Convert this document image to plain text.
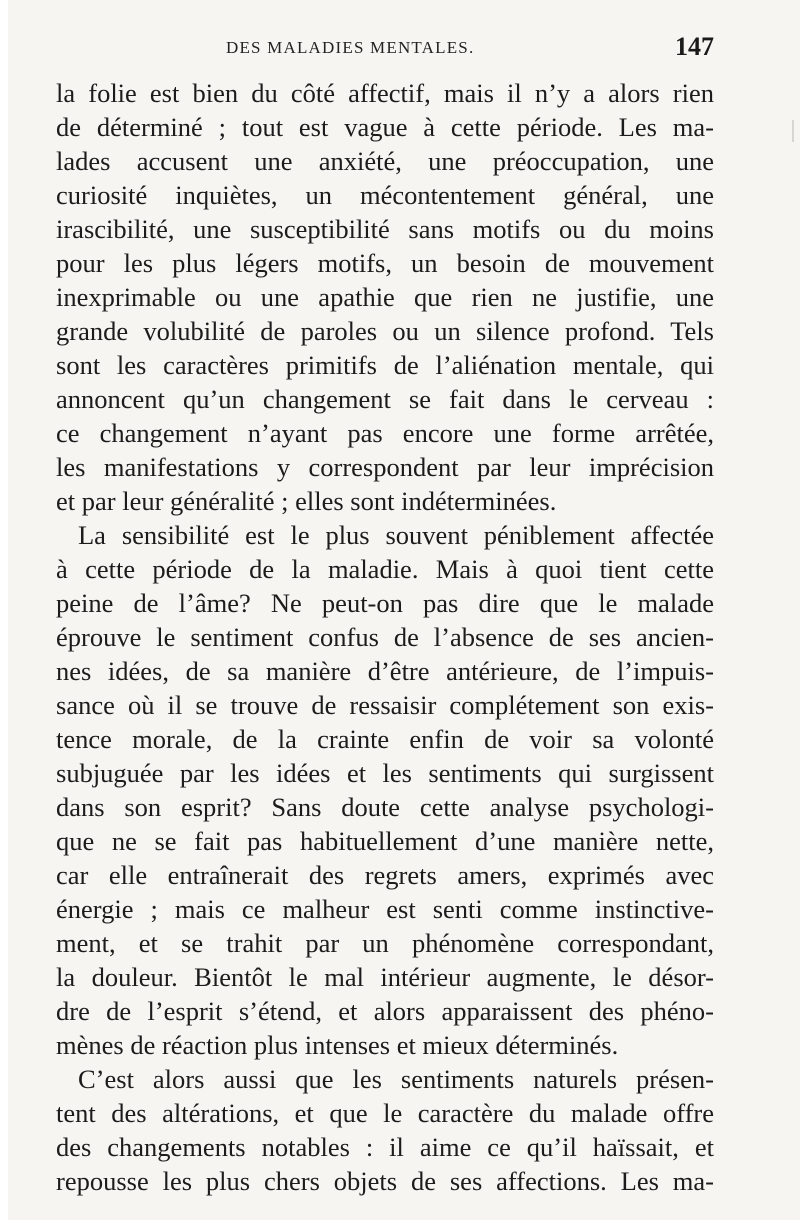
DES MALADIES MENTALES.	147
la folie est bien du côté affectif, mais il n’y a alors rien
de déterminé ; tout est vague à cette période. Les ma-
lades accusent une anxiété, une préoccupation, une
curiosité inquiètes, un mécontentement général, une
irascibilité, une susceptibilité sans motifs ou du moins
pour les plus légers motifs, un besoin de mouvement
inexprimable ou une apathie que rien ne justifie, une
grande volubilité de paroles ou un silence profond. Tels
sont les caractères primitifs de l’aliénation mentale, qui
annoncent qu’un changement se fait dans le cerveau :
ce changement n’ayant pas encore une forme arrêtée,
les manifestations y correspondent par leur imprécision
et par leur généralité ; elles sont indéterminées.
La sensibilité est le plus souvent péniblement affectée
à cette période de la maladie. Mais à quoi tient cette
peine de l’âme? Ne peut-on pas dire que le malade
éprouve le sentiment confus de l’absence de ses ancien-
nes idées, de sa manière d’être antérieure, de l’impuis-
sance où il se trouve de ressaisir complétement son exis-
tence morale, de la crainte enfin de voir sa volonté
subjuguée par les idées et les sentiments qui surgissent
dans son esprit? Sans doute cette analyse psychologi-
que ne se fait pas habituellement d’une manière nette,
car elle entraînerait des regrets amers, exprimés avec
énergie ; mais ce malheur est senti comme instinctive-
ment, et se trahit par un phénomène correspondant,
la douleur. Bientôt le mal intérieur augmente, le désor-
dre de l’esprit s’étend, et alors apparaissent des phéno-
mènes de réaction plus intenses et mieux déterminés.
C’est alors aussi que les sentiments naturels présen-
tent des altérations, et que le caractère du malade offre
des changements notables : il aime ce qu’il haïssait, et
repousse les plus chers objets de ses affections. Les ma-
